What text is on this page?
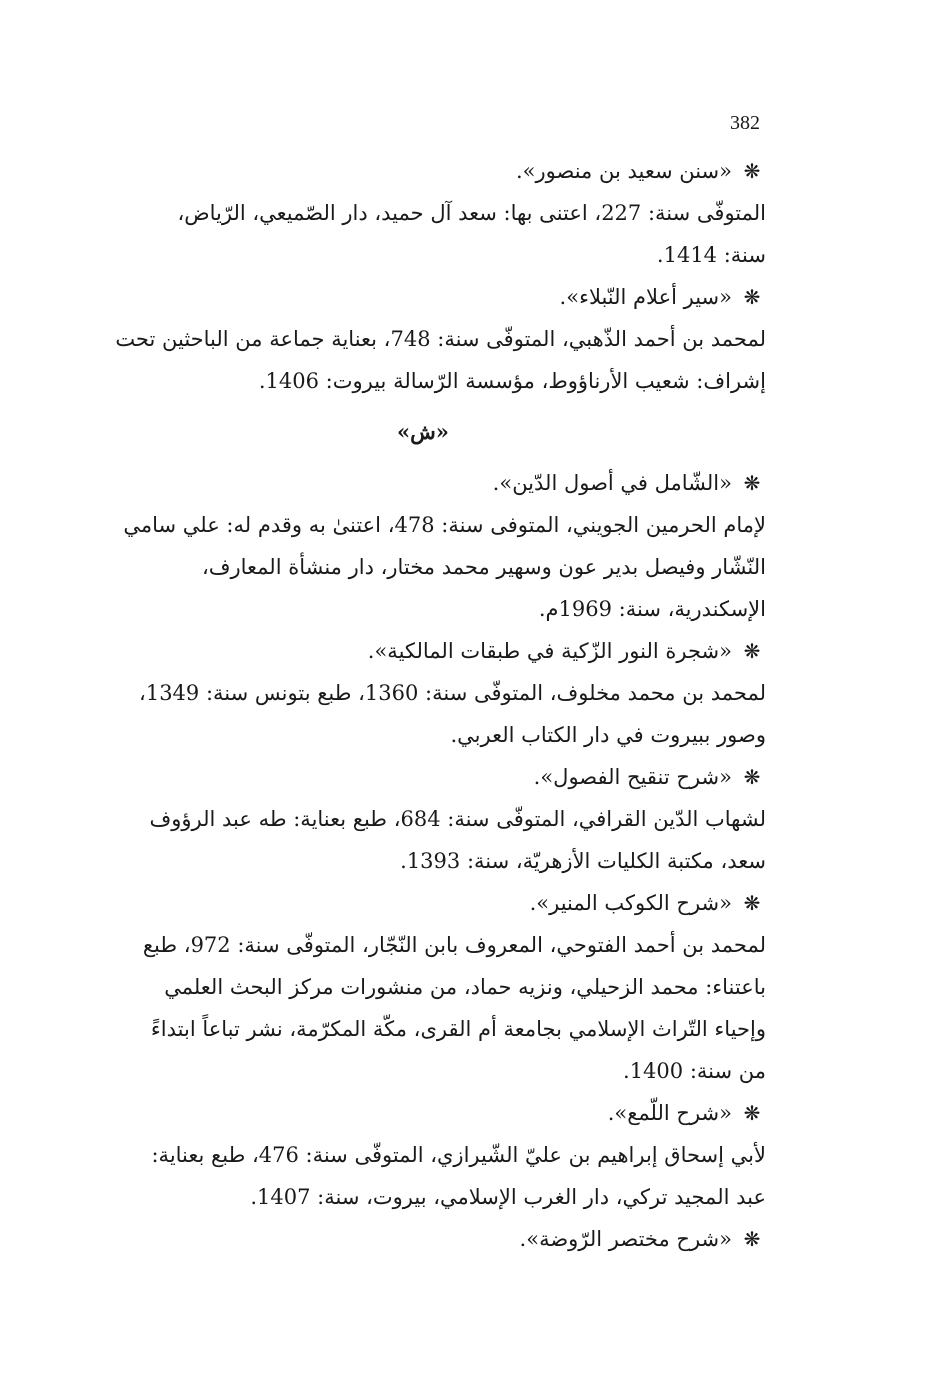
382
❋
«سنن سعيد بن منصور».
المتوفّى سنة: 227، اعتنى بها: سعد آل حميد، دار الصّميعي، الرّياض،
سنة: 1414.
❋
«سير أعلام النّبلاء».
لمحمد بن أحمد الذّهبي، المتوفّى سنة: 748، بعناية جماعة من الباحثين تحت
إشراف: شعيب الأرناؤوط، مؤسسة الرّسالة بيروت: 1406.
«ش»
❋
«الشّامل في أصول الدّين».
لإمام الحرمين الجويني، المتوفى سنة: 478، اعتنىٰ به وقدم له: علي سامي
النّشّار وفيصل بدير عون وسهير محمد مختار، دار منشأة المعارف،
الإسكندرية، سنة: 1969م.
❋
«شجرة النور الزّكية في طبقات المالكية».
لمحمد بن محمد مخلوف، المتوفّى سنة: 1360، طبع بتونس سنة: 1349،
وصور ببيروت في دار الكتاب العربي.
❋
«شرح تنقيح الفصول».
لشهاب الدّين القرافي، المتوفّى سنة: 684، طبع بعناية: طه عبد الرؤوف
سعد، مكتبة الكليات الأزهريّة، سنة: 1393.
❋
«شرح الكوكب المنير».
لمحمد بن أحمد الفتوحي، المعروف بابن النّجّار، المتوفّى سنة: 972، طبع
باعتناء: محمد الزحيلي، ونزيه حماد، من منشورات مركز البحث العلمي
وإحياء التّراث الإسلامي بجامعة أم القرى، مكّة المكرّمة، نشر تباعاً ابتداءً
من سنة: 1400.
❋
«شرح اللّمع».
لأبي إسحاق إبراهيم بن عليّ الشّيرازي، المتوفّى سنة: 476، طبع بعناية:
عبد المجيد تركي، دار الغرب الإسلامي، بيروت، سنة: 1407.
❋
«شرح مختصر الرّوضة».
